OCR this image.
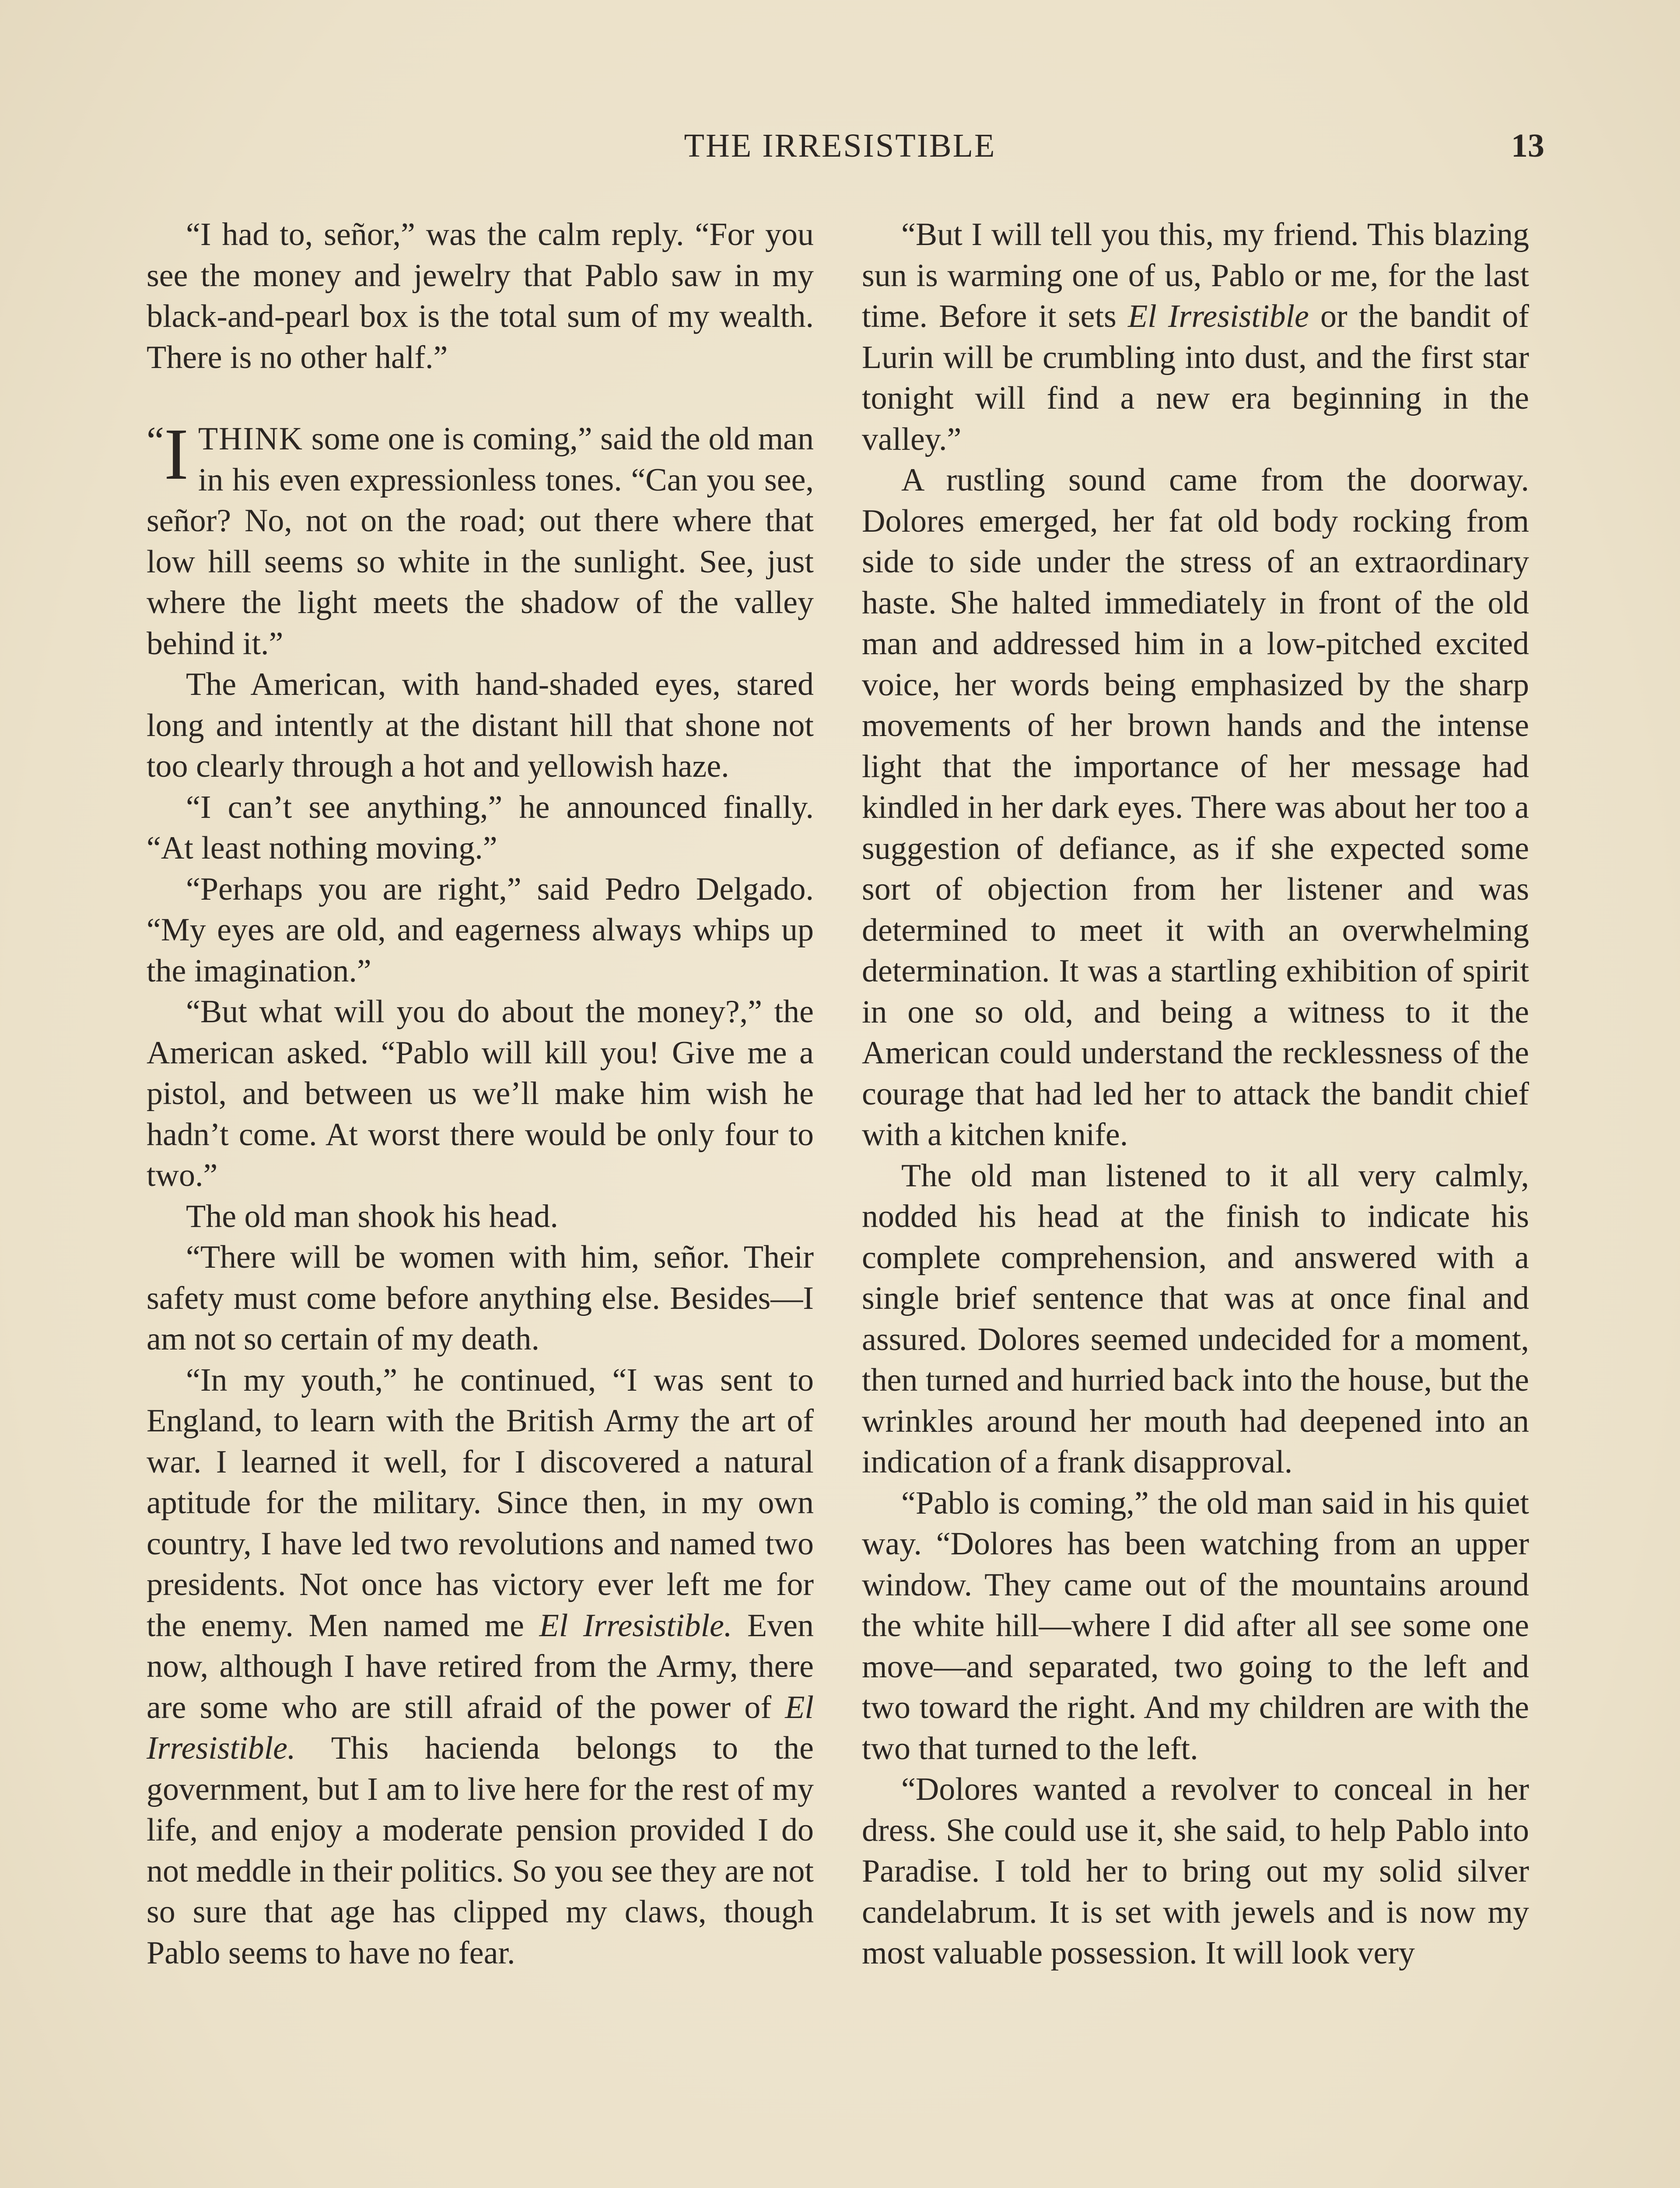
THE IRRESISTIBLE	13

“I had to, señor,” was the calm reply. “For you see the money and jewelry that Pablo saw in my black-and-pearl box is the total sum of my wealth. There is no other half.”

“I THINK some one is coming,” said the old man in his even expressionless tones. “Can you see, señor? No, not on the road; out there where that low hill seems so white in the sunlight. See, just where the light meets the shadow of the valley behind it.”

The American, with hand-shaded eyes, stared long and intently at the distant hill that shone not too clearly through a hot and yellowish haze.

“I can’t see anything,” he announced finally. “At least nothing moving.”

“Perhaps you are right,” said Pedro Delgado. “My eyes are old, and eagerness always whips up the imagination.”

“But what will you do about the money?,” the American asked. “Pablo will kill you! Give me a pistol, and between us we’ll make him wish he hadn’t come. At worst there would be only four to two.”

The old man shook his head.

“There will be women with him, señor. Their safety must come before anything else. Besides—I am not so certain of my death.

“In my youth,” he continued, “I was sent to England, to learn with the British Army the art of war. I learned it well, for I discovered a natural aptitude for the military. Since then, in my own country, I have led two revolutions and named two presidents. Not once has victory ever left me for the enemy. Men named me El Irresistible. Even now, although I have retired from the Army, there are some who are still afraid of the power of El Irresistible. This hacienda belongs to the government, but I am to live here for the rest of my life, and enjoy a moderate pension provided I do not meddle in their politics. So you see they are not so sure that age has clipped my claws, though Pablo seems to have no fear.

“But I will tell you this, my friend. This blazing sun is warming one of us, Pablo or me, for the last time. Before it sets El Irresistible or the bandit of Lurin will be crumbling into dust, and the first star tonight will find a new era beginning in the valley.”

A rustling sound came from the doorway. Dolores emerged, her fat old body rocking from side to side under the stress of an extraordinary haste. She halted immediately in front of the old man and addressed him in a low-pitched excited voice, her words being emphasized by the sharp movements of her brown hands and the intense light that the importance of her message had kindled in her dark eyes. There was about her too a suggestion of defiance, as if she expected some sort of objection from her listener and was determined to meet it with an overwhelming determination. It was a startling exhibition of spirit in one so old, and being a witness to it the American could understand the recklessness of the courage that had led her to attack the bandit chief with a kitchen knife.

The old man listened to it all very calmly, nodded his head at the finish to indicate his complete comprehension, and answered with a single brief sentence that was at once final and assured. Dolores seemed undecided for a moment, then turned and hurried back into the house, but the wrinkles around her mouth had deepened into an indication of a frank disapproval.

“Pablo is coming,” the old man said in his quiet way. “Dolores has been watching from an upper window. They came out of the mountains around the white hill—where I did after all see some one move—and separated, two going to the left and two toward the right. And my children are with the two that turned to the left.

“Dolores wanted a revolver to conceal in her dress. She could use it, she said, to help Pablo into Paradise. I told her to bring out my solid silver candelabrum. It is set with jewels and is now my most valuable possession. It will look very
